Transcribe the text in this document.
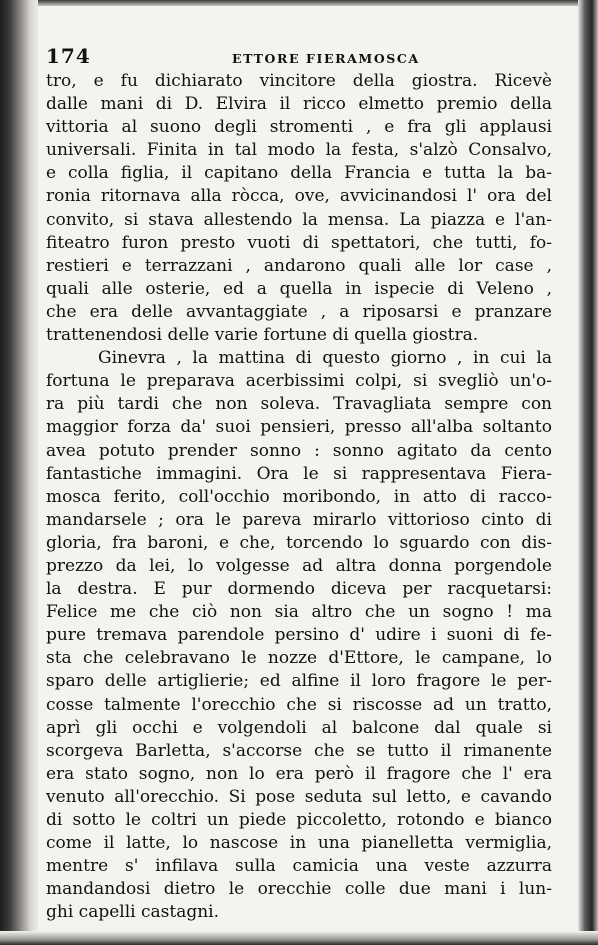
174	ETTORE FIERAMOSCA
tro, e fu dichiarato vincitore della giostra. Ricevè
dalle mani di D. Elvira il ricco elmetto premio della
vittoria al suono degli stromenti , e fra gli applausi
universali. Finita in tal modo la festa, s'alzò Consalvo,
e colla figlia, il capitano della Francia e tutta la ba-
ronia ritornava alla ròcca, ove, avvicinandosi l' ora del
convito, si stava allestendo la mensa. La piazza e l'an-
fiteatro furon presto vuoti di spettatori, che tutti, fo-
restieri e terrazzani , andarono quali alle lor case ,
quali alle osterie, ed a quella in ispecie di Veleno ,
che era delle avvantaggiate , a riposarsi e pranzare
trattenendosi delle varie fortune di quella giostra.
Ginevra , la mattina di questo giorno , in cui la
fortuna le preparava acerbissimi colpi, si svegliò un'o-
ra più tardi che non soleva. Travagliata sempre con
maggior forza da' suoi pensieri, presso all'alba soltanto
avea potuto prender sonno : sonno agitato da cento
fantastiche immagini. Ora le si rappresentava Fiera-
mosca ferito, coll'occhio moribondo, in atto di racco-
mandarsele ; ora le pareva mirarlo vittorioso cinto di
gloria, fra baroni, e che, torcendo lo sguardo con dis-
prezzo da lei, lo volgesse ad altra donna porgendole
la destra. E pur dormendo diceva per racquetarsi:
Felice me che ciò non sia altro che un sogno ! ma
pure tremava parendole persino d' udire i suoni di fe-
sta che celebravano le nozze d'Ettore, le campane, lo
sparo delle artiglierie; ed alfine il loro fragore le per-
cosse talmente l'orecchio che si riscosse ad un tratto,
aprì gli occhi e volgendoli al balcone dal quale si
scorgeva Barletta, s'accorse che se tutto il rimanente
era stato sogno, non lo era però il fragore che l' era
venuto all'orecchio. Si pose seduta sul letto, e cavando
di sotto le coltri un piede piccoletto, rotondo e bianco
come il latte, lo nascose in una pianelletta vermiglia,
mentre s' infilava sulla camicia una veste azzurra
mandandosi dietro le orecchie colle due mani i lun-
ghi capelli castagni.
